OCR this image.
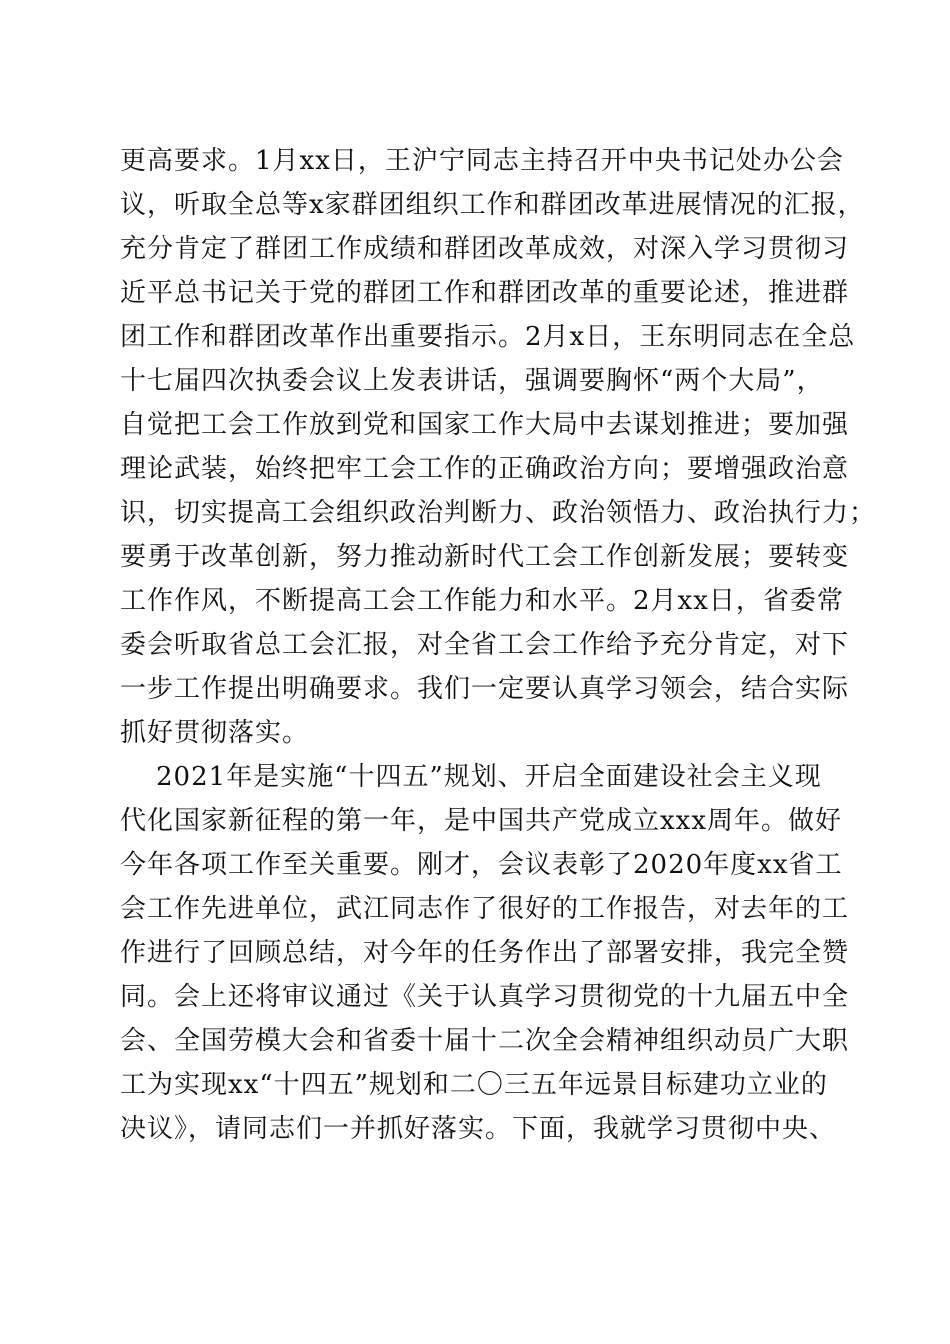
更高要求。1月xx日，王沪宁同志主持召开中央书记处办公会
议，听取全总等x家群团组织工作和群团改革进展情况的汇报，
充分肯定了群团工作成绩和群团改革成效，对深入学习贯彻习
近平总书记关于党的群团工作和群团改革的重要论述，推进群
团工作和群团改革作出重要指示。2月x日，王东明同志在全总
十七届四次执委会议上发表讲话，强调要胸怀“两个大局”，
自觉把工会工作放到党和国家工作大局中去谋划推进；要加强
理论武装，始终把牢工会工作的正确政治方向；要增强政治意
识，切实提高工会组织政治判断力、政治领悟力、政治执行力；
要勇于改革创新，努力推动新时代工会工作创新发展；要转变
工作作风，不断提高工会工作能力和水平。2月xx日，省委常
委会听取省总工会汇报，对全省工会工作给予充分肯定，对下
一步工作提出明确要求。我们一定要认真学习领会，结合实际
抓好贯彻落实。
2021年是实施“十四五”规划、开启全面建设社会主义现
代化国家新征程的第一年，是中国共产党成立xxx周年。做好
今年各项工作至关重要。刚才，会议表彰了2020年度xx省工
会工作先进单位，武江同志作了很好的工作报告，对去年的工
作进行了回顾总结，对今年的任务作出了部署安排，我完全赞
同。会上还将审议通过《关于认真学习贯彻党的十九届五中全
会、全国劳模大会和省委十届十二次全会精神组织动员广大职
工为实现xx“十四五”规划和二〇三五年远景目标建功立业的
决议》，请同志们一并抓好落实。下面，我就学习贯彻中央、
